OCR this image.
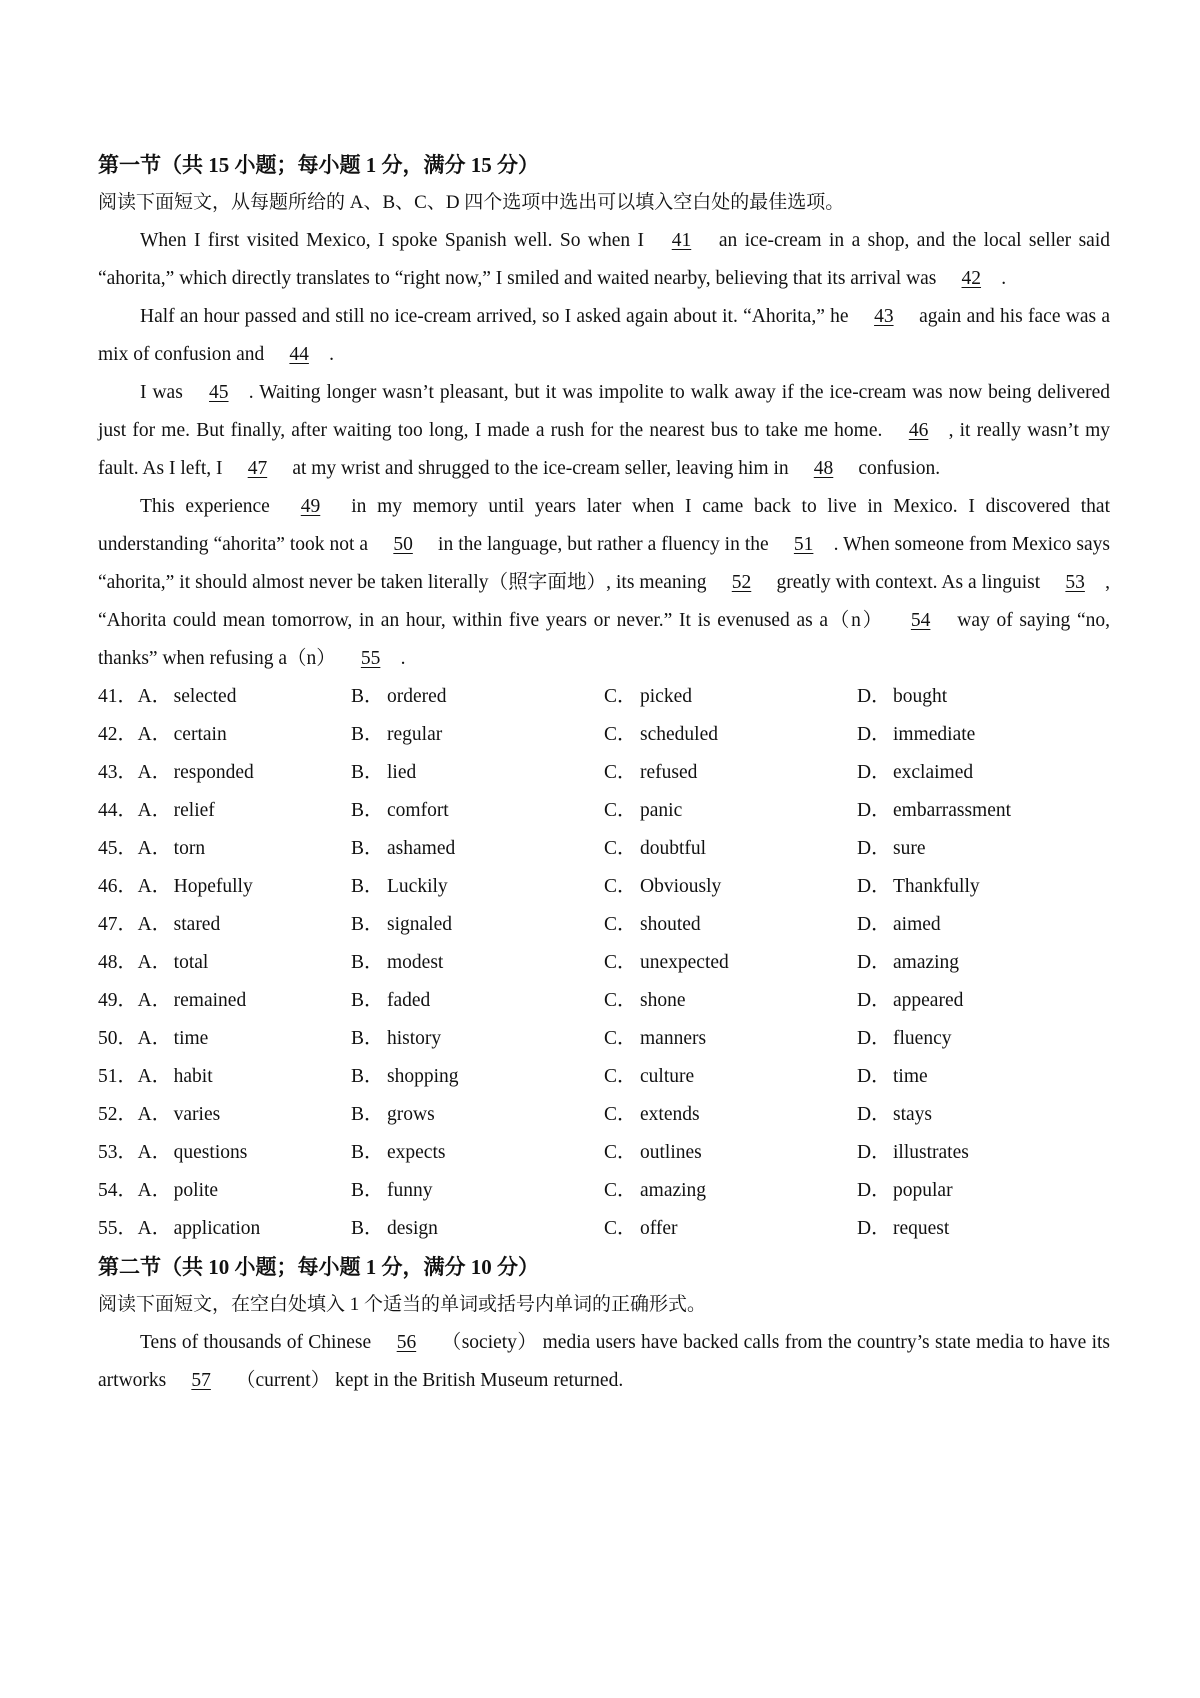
第一节（共 15 小题；每小题 1 分，满分 15 分）
阅读下面短文，从每题所给的 A、B、C、D 四个选项中选出可以填入空白处的最佳选项。

When I first visited Mexico, I spoke Spanish well. So when I 41 an ice-cream in a shop, and the local seller said “ahorita,” which directly translates to “right now,” I smiled and waited nearby, believing that its arrival was 42 .

Half an hour passed and still no ice-cream arrived, so I asked again about it. “Ahorita,” he 43 again and his face was a mix of confusion and 44 .

I was 45 . Waiting longer wasn’t pleasant, but it was impolite to walk away if the ice-cream was now being delivered just for me. But finally, after waiting too long, I made a rush for the nearest bus to take me home. 46 , it really wasn’t my fault. As I left, I 47 at my wrist and shrugged to the ice-cream seller, leaving him in 48 confusion.

This experience 49 in my memory until years later when I came back to live in Mexico. I discovered that understanding “ahorita” took not a 50 in the language, but rather a fluency in the 51 . When someone from Mexico says “ahorita,” it should almost never be taken literally（照字面地）, its meaning 52 greatly with context. As a linguist 53 , “Ahorita could mean tomorrow, in an hour, within five years or never.” It is evenused as a（n） 54 way of saying “no, thanks” when refusing a（n） 55 .

41． A． selected	B． ordered	C． picked	D． bought
42． A． certain	B． regular	C． scheduled	D． immediate
43． A． responded	B． lied	C． refused	D． exclaimed
44． A． relief	B． comfort	C． panic	D． embarrassment
45． A． torn	B． ashamed	C． doubtful	D． sure
46． A． Hopefully	B． Luckily	C． Obviously	D． Thankfully
47． A． stared	B． signaled	C． shouted	D． aimed
48． A． total	B． modest	C． unexpected	D． amazing
49． A． remained	B． faded	C． shone	D． appeared
50． A． time	B． history	C． manners	D． fluency
51． A． habit	B． shopping	C． culture	D． time
52． A． varies	B． grows	C． extends	D． stays
53． A． questions	B． expects	C． outlines	D． illustrates
54． A． polite	B． funny	C． amazing	D． popular
55． A． application	B． design	C． offer	D． request
第二节（共 10 小题；每小题 1 分，满分 10 分）
阅读下面短文，在空白处填入 1 个适当的单词或括号内单词的正确形式。

Tens of thousands of Chinese 56 （society） media users have backed calls from the country’s state media to have its artworks 57 （current） kept in the British Museum returned.
